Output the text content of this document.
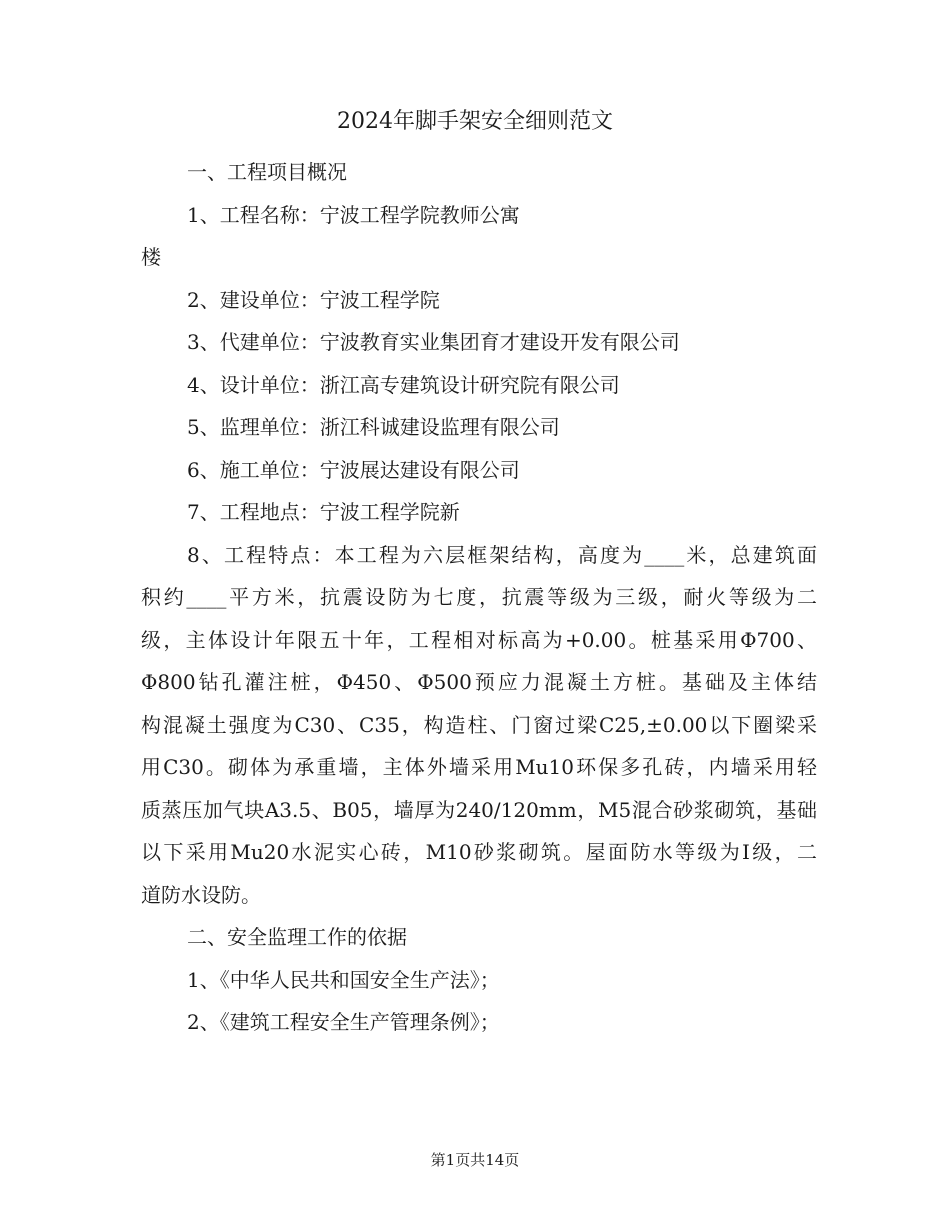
2024年脚手架安全细则范文

一、工程项目概况

1、工程名称：宁波工程学院教师公寓

楼

2、建设单位：宁波工程学院

3、代建单位：宁波教育实业集团育才建设开发有限公司

4、设计单位：浙江高专建筑设计研究院有限公司

5、监理单位：浙江科诚建设监理有限公司

6、施工单位：宁波展达建设有限公司

7、工程地点：宁波工程学院新

8、工程特点：本工程为六层框架结构，高度为____米，总建筑面

积约____平方米，抗震设防为七度，抗震等级为三级，耐火等级为二

级，主体设计年限五十年，工程相对标高为+0.00。桩基采用Φ700、

Φ800钻孔灌注桩，Φ450、Φ500预应力混凝土方桩。基础及主体结

构混凝土强度为C30、C35，构造柱、门窗过梁C25,±0.00以下圈梁采

用C30。砌体为承重墙，主体外墙采用Mu10环保多孔砖，内墙采用轻

质蒸压加气块A3.5、B05，墙厚为240/120mm，M5混合砂浆砌筑，基础

以下采用Mu20水泥实心砖，M10砂浆砌筑。屋面防水等级为Ⅰ级，二

道防水设防。

二、安全监理工作的依据

1、《中华人民共和国安全生产法》；

2、《建筑工程安全生产管理条例》；

第1页共14页
